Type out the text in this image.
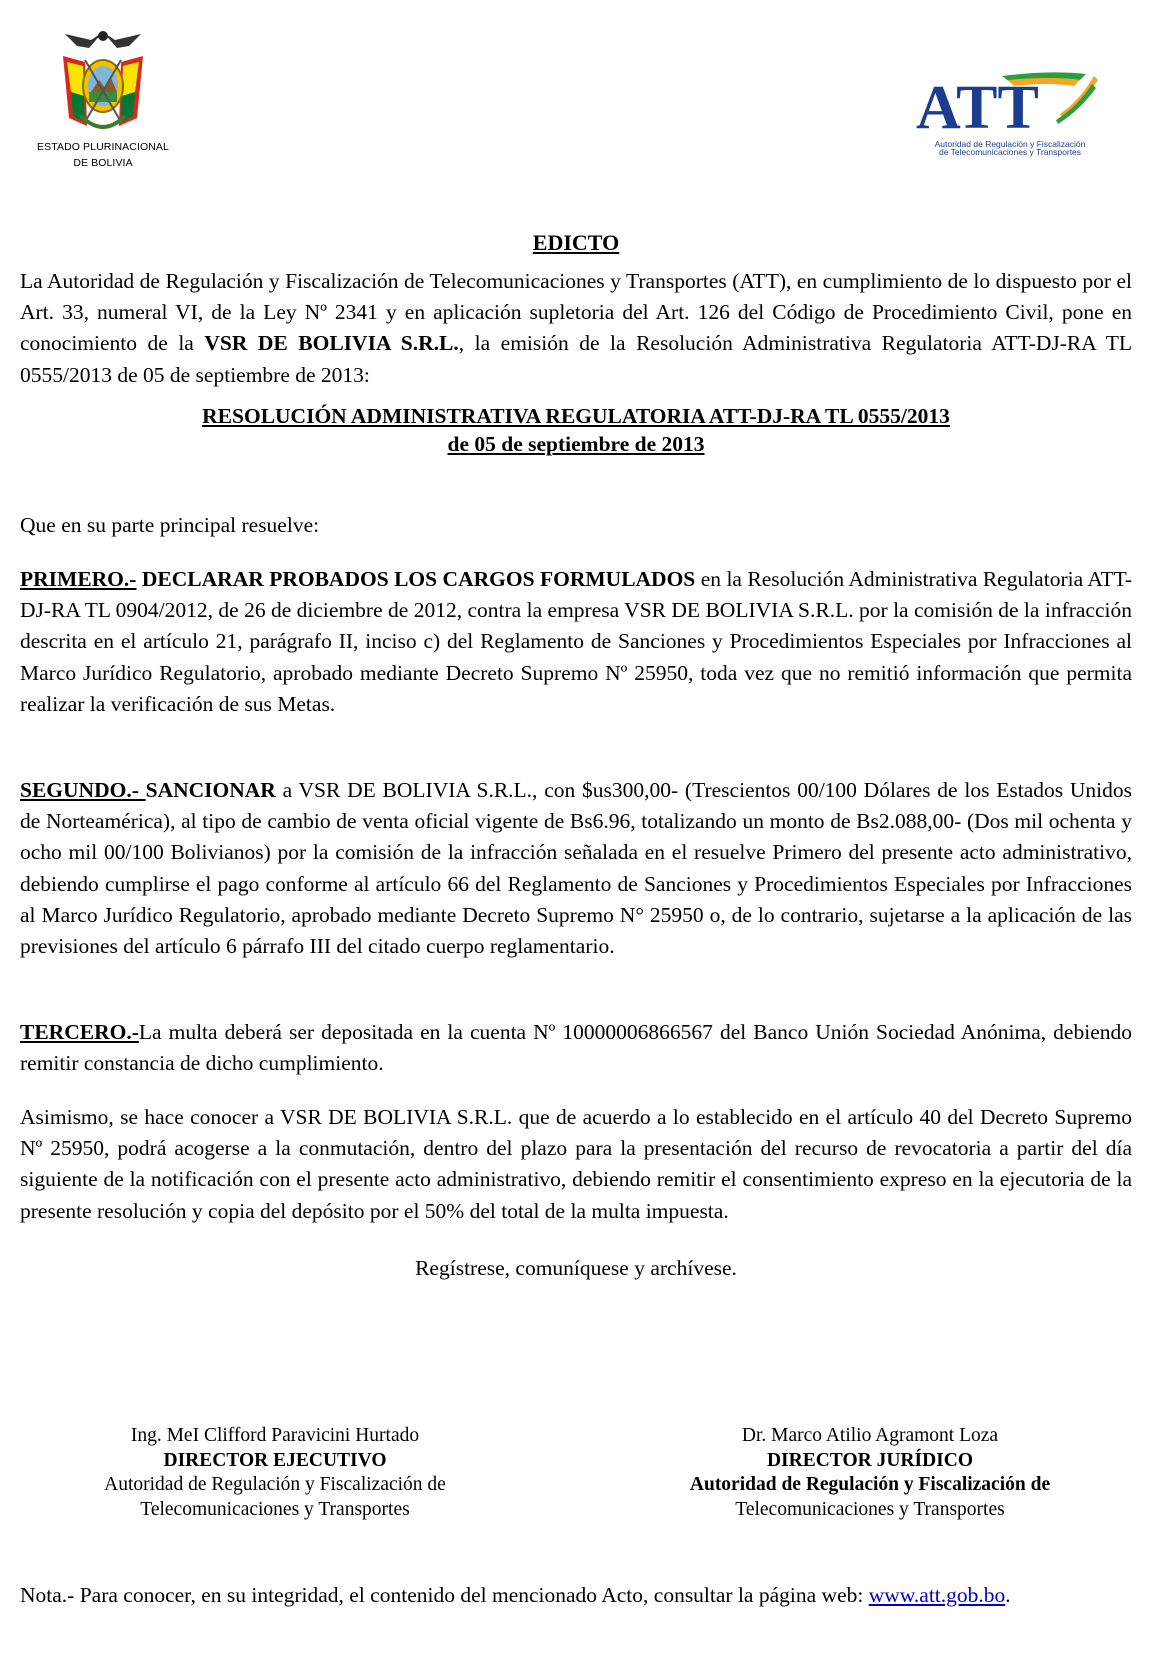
ESTADO PLURINACIONAL
DE BOLIVIA
ATT
Autoridad de Regulación y Fiscalización
de Telecomunicaciones y Transportes
EDICTO

La Autoridad de Regulación y Fiscalización de Telecomunicaciones y Transportes (ATT), en cumplimiento de lo dispuesto por el Art. 33, numeral VI, de la Ley Nº 2341 y en aplicación supletoria del Art. 126 del Código de Procedimiento Civil, pone en conocimiento de la VSR DE BOLIVIA S.R.L., la emisión de la Resolución Administrativa Regulatoria ATT-DJ-RA TL 0555/2013 de 05 de septiembre de 2013:

RESOLUCIÓN ADMINISTRATIVA REGULATORIA ATT-DJ-RA TL 0555/2013
de 05 de septiembre de 2013

Que en su parte principal resuelve:

PRIMERO.- DECLARAR PROBADOS LOS CARGOS FORMULADOS en la Resolución Administrativa Regulatoria ATT-DJ-RA TL 0904/2012, de 26 de diciembre de 2012, contra la empresa VSR DE BOLIVIA S.R.L. por la comisión de la infracción descrita en el artículo 21, parágrafo II, inciso c) del Reglamento de Sanciones y Procedimientos Especiales por Infracciones al Marco Jurídico Regulatorio, aprobado mediante Decreto Supremo Nº 25950, toda vez que no remitió información que permita realizar la verificación de sus Metas.

SEGUNDO.- SANCIONAR a VSR DE BOLIVIA S.R.L., con $us300,00- (Trescientos 00/100 Dólares de los Estados Unidos de Norteamérica), al tipo de cambio de venta oficial vigente de Bs6.96, totalizando un monto de Bs2.088,00- (Dos mil ochenta y ocho mil 00/100 Bolivianos) por la comisión de la infracción señalada en el resuelve Primero del presente acto administrativo, debiendo cumplirse el pago conforme al artículo 66 del Reglamento de Sanciones y Procedimientos Especiales por Infracciones al Marco Jurídico Regulatorio, aprobado mediante Decreto Supremo N° 25950 o, de lo contrario, sujetarse a la aplicación de las previsiones del artículo 6 párrafo III del citado cuerpo reglamentario.

TERCERO.-La multa deberá ser depositada en la cuenta Nº 10000006866567 del Banco Unión Sociedad Anónima, debiendo remitir constancia de dicho cumplimiento.

Asimismo, se hace conocer a VSR DE BOLIVIA S.R.L. que de acuerdo a lo establecido en el artículo 40 del Decreto Supremo Nº 25950, podrá acogerse a la conmutación, dentro del plazo para la presentación del recurso de revocatoria a partir del día siguiente de la notificación con el presente acto administrativo, debiendo remitir el consentimiento expreso en la ejecutoria de la presente resolución y copia del depósito por el 50% del total de la multa impuesta.

Regístrese, comuníquese y archívese.
Ing. MeI Clifford Paravicini Hurtado
DIRECTOR EJECUTIVO
Autoridad de Regulación y Fiscalización de
Telecomunicaciones y Transportes
Dr. Marco Atilio Agramont Loza
DIRECTOR JURÍDICO
Autoridad de Regulación y Fiscalización de
Telecomunicaciones y Transportes

Nota.- Para conocer, en su integridad, el contenido del mencionado Acto, consultar la página web: www.att.gob.bo.
